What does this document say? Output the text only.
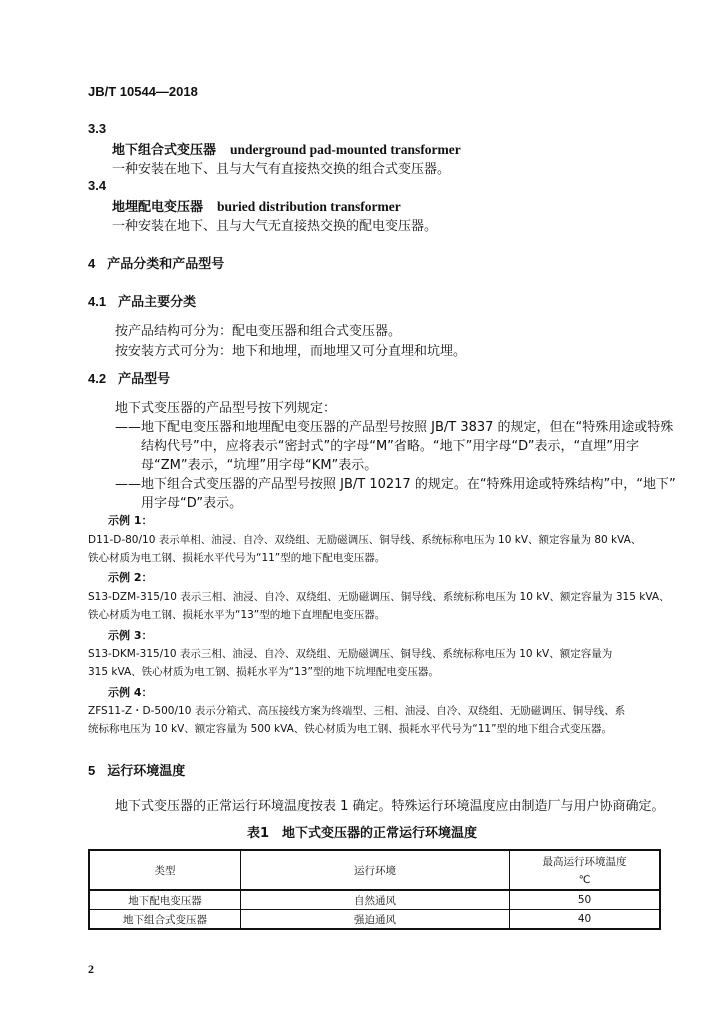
JB/T 10544—2018
3.3
地下组合式变压器 underground pad-mounted transformer
一种安装在地下、且与大气有直接热交换的组合式变压器。
3.4
地埋配电变压器 buried distribution transformer
一种安装在地下、且与大气无直接热交换的配电变压器。
4 产品分类和产品型号
4.1 产品主要分类
按产品结构可分为：配电变压器和组合式变压器。
按安装方式可分为：地下和地埋，而地埋又可分直埋和坑埋。
4.2 产品型号
地下式变压器的产品型号按下列规定：
——地下配电变压器和地埋配电变压器的产品型号按照 JB/T 3837 的规定，但在“特殊用途或特殊
结构代号”中，应将表示“密封式”的字母“M”省略。“地下”用字母“D”表示，“直埋”用字
母“ZM”表示，“坑埋”用字母“KM”表示。
——地下组合式变压器的产品型号按照 JB/T 10217 的规定。在“特殊用途或特殊结构”中，“地下”
用字母“D”表示。
示例 1：
D11-D-80/10 表示单相、油浸、自冷、双绕组、无励磁调压、铜导线、系统标称电压为 10 kV、额定容量为 80 kVA、
铁心材质为电工钢、损耗水平代号为“11”型的地下配电变压器。
示例 2：
S13-DZM-315/10 表示三相、油浸、自冷、双绕组、无励磁调压、铜导线、系统标称电压为 10 kV、额定容量为 315 kVA、
铁心材质为电工钢、损耗水平为“13”型的地下直埋配电变压器。
示例 3：
S13-DKM-315/10 表示三相、油浸、自冷、双绕组、无励磁调压、铜导线、系统标称电压为 10 kV、额定容量为
315 kVA、铁心材质为电工钢、损耗水平为“13”型的地下坑埋配电变压器。
示例 4：
ZFS11-Z・D-500/10 表示分箱式、高压接线方案为终端型、三相、油浸、自冷、双绕组、无励磁调压、铜导线、系
统标称电压为 10 kV、额定容量为 500 kVA、铁心材质为电工钢、损耗水平代号为“11”型的地下组合式变压器。
5 运行环境温度
地下式变压器的正常运行环境温度按表 1 确定。特殊运行环境温度应由制造厂与用户协商确定。
表1　地下式变压器的正常运行环境温度
类型	运行环境	最高运行环境温度
℃

地下配电变压器	自然通风	50
地下组合式变压器	强迫通风	40
2
